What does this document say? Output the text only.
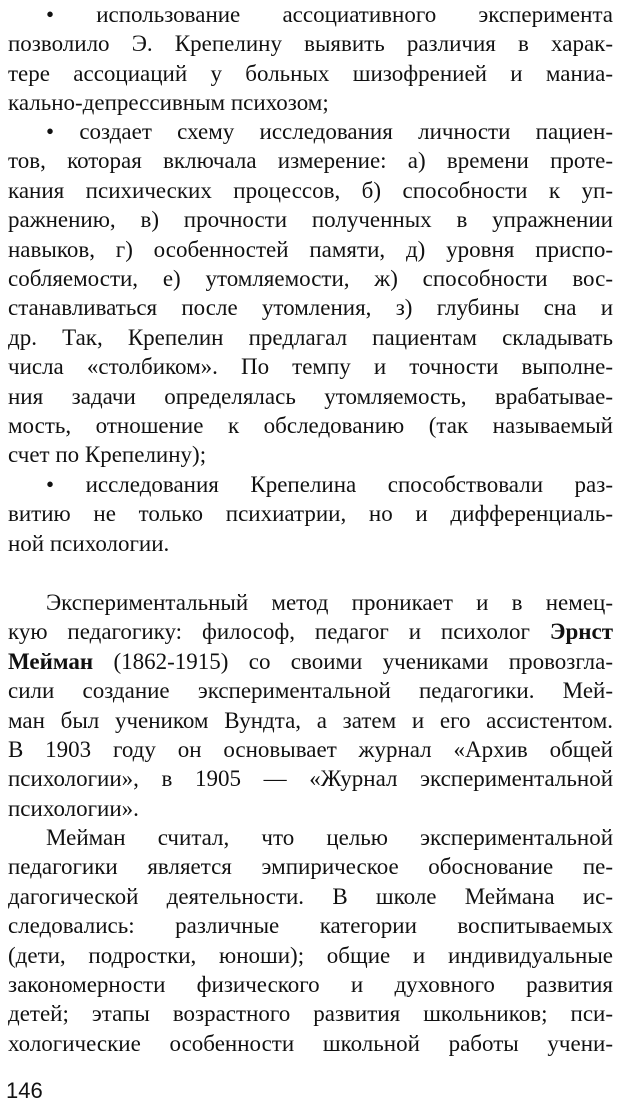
• использование ассоциативного эксперимента
позволило Э. Крепелину выявить различия в харак-
тере ассоциаций у больных шизофренией и маниа-
кально-депрессивным психозом;
• создает схему исследования личности пациен-
тов, которая включала измерение: а) времени проте-
кания психических процессов, б) способности к уп-
ражнению, в) прочности полученных в упражнении
навыков, г) особенностей памяти, д) уровня приспо-
собляемости, е) утомляемости, ж) способности вос-
станавливаться после утомления, з) глубины сна и
др. Так, Крепелин предлагал пациентам складывать
числа «столбиком». По темпу и точности выполне-
ния задачи определялась утомляемость, врабатывае-
мость, отношение к обследованию (так называемый
счет по Крепелину);
• исследования Крепелина способствовали раз-
витию не только психиатрии, но и дифференциаль-
ной психологии.
Экспериментальный метод проникает и в немец-
кую педагогику: философ, педагог и психолог Эрнст
Мейман (1862-1915) со своими учениками провозгла-
сили создание экспериментальной педагогики. Мей-
ман был учеником Вундта, а затем и его ассистентом.
В 1903 году он основывает журнал «Архив общей
психологии», в 1905 — «Журнал экспериментальной
психологии».
Мейман считал, что целью экспериментальной
педагогики является эмпирическое обоснование пе-
дагогической деятельности. В школе Меймана ис-
следовались: различные категории воспитываемых
(дети, подростки, юноши); общие и индивидуальные
закономерности физического и духовного развития
детей; этапы возрастного развития школьников; пси-
хологические особенности школьной работы учени-
146
